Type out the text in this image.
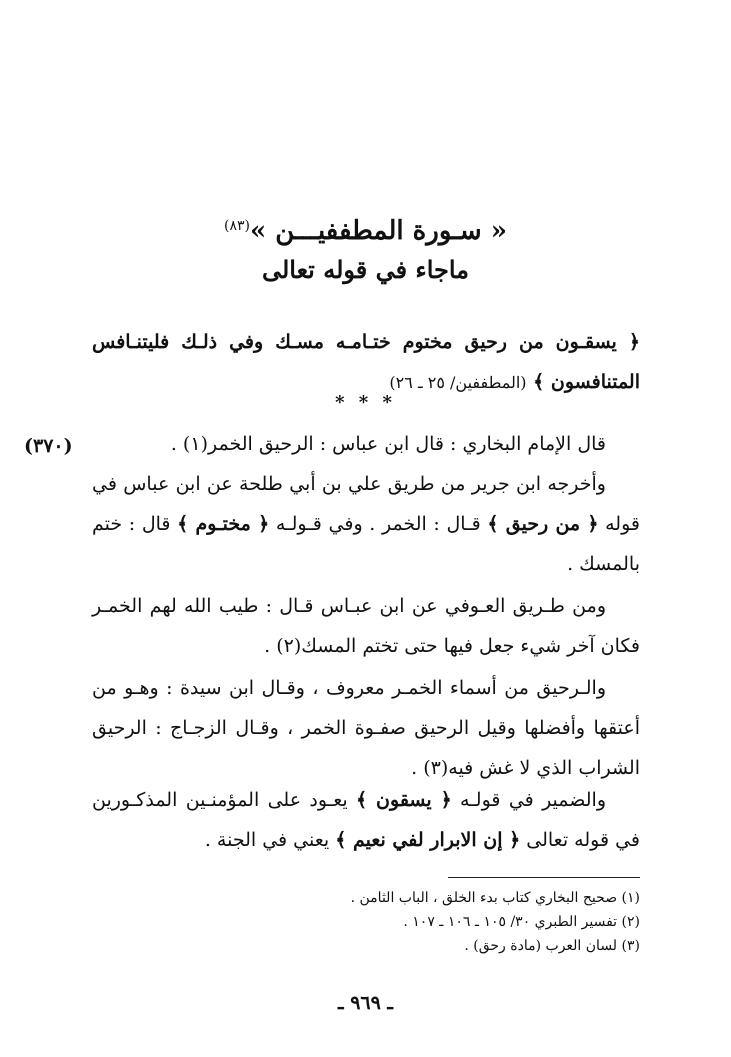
« سـورة المطففيـــن »$^{(٨٣)}$
ماجاء في قوله تعالى
﴿ يسقـون من رحيق مختوم ختـامـه مسـك وفي ذلـك فليتنـافس المتنافسون ﴾ (المطففين/ ٢٥ ـ ٢٦)
* * *
(٣٧٠)	قال الإمام البخاري : قال ابن عباس : الرحيق الخمر(١) .
وأخرجه ابن جرير من طريق علي بن أبي طلحة عن ابن عباس في قوله ﴿ من رحيق ﴾ قـال : الخمر . وفي قـولـه ﴿ مختـوم ﴾ قال : ختم بالمسك .
ومن طـريق العـوفي عن ابن عبـاس قـال : طيب الله لهم الخمـر فكان آخر شيء جعل فيها حتى تختم المسك(٢) .
والـرحيق من أسماء الخمـر معروف ، وقـال ابن سيدة : وهـو من أعتقها وأفضلها وقيل الرحيق صفـوة الخمر ، وقـال الزجـاج : الرحيق الشراب الذي لا غش فيه(٣) .
والضمير في قولـه ﴿ يسقون ﴾ يعـود على المؤمنـين المذكـورين في قوله تعالى ﴿ إن الابرار لفي نعيم ﴾ يعني في الجنة .
(١) صحيح البخاري كتاب بدء الخلق ، الباب الثامن .
(٢) تفسير الطبري ٣٠/ ١٠٥ ـ ١٠٦ ـ ١٠٧ .
(٣) لسان العرب (مادة رحق) .
ـ ٩٦٩ ـ
